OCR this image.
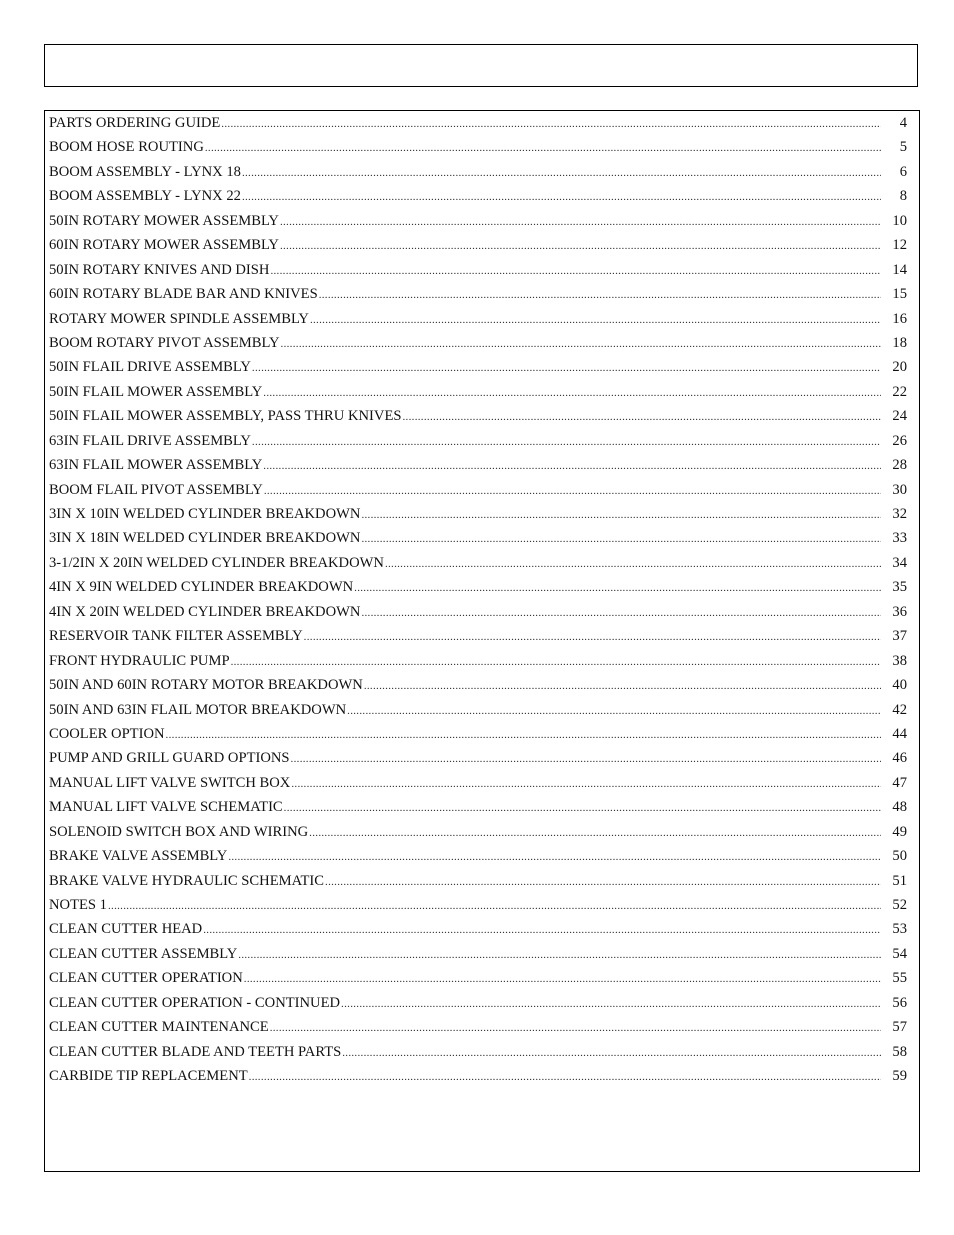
PARTS ORDERING GUIDE .....	4
BOOM HOSE ROUTING .....	5
BOOM ASSEMBLY - LYNX 18 .....	6
BOOM ASSEMBLY - LYNX 22 .....	8
50IN ROTARY MOWER ASSEMBLY .....	10
60IN ROTARY MOWER ASSEMBLY .....	12
50IN ROTARY KNIVES AND DISH .....	14
60IN ROTARY BLADE BAR AND KNIVES .....	15
ROTARY MOWER SPINDLE ASSEMBLY .....	16
BOOM ROTARY PIVOT ASSEMBLY .....	18
50IN FLAIL DRIVE ASSEMBLY .....	20
50IN FLAIL MOWER ASSEMBLY .....	22
50IN FLAIL MOWER ASSEMBLY, PASS THRU KNIVES .....	24
63IN FLAIL DRIVE ASSEMBLY .....	26
63IN FLAIL MOWER ASSEMBLY .....	28
BOOM FLAIL PIVOT ASSEMBLY .....	30
3IN X 10IN WELDED CYLINDER BREAKDOWN .....	32
3IN X 18IN WELDED CYLINDER BREAKDOWN .....	33
3-1/2IN X 20IN WELDED CYLINDER BREAKDOWN .....	34
4IN X 9IN WELDED CYLINDER BREAKDOWN .....	35
4IN X 20IN WELDED CYLINDER BREAKDOWN .....	36
RESERVOIR TANK FILTER ASSEMBLY .....	37
FRONT HYDRAULIC PUMP .....	38
50IN AND 60IN ROTARY MOTOR BREAKDOWN .....	40
50IN AND 63IN FLAIL MOTOR BREAKDOWN .....	42
COOLER OPTION .....	44
PUMP AND GRILL GUARD OPTIONS .....	46
MANUAL LIFT VALVE SWITCH BOX .....	47
MANUAL LIFT VALVE SCHEMATIC .....	48
SOLENOID SWITCH BOX AND WIRING .....	49
BRAKE VALVE ASSEMBLY .....	50
BRAKE VALVE HYDRAULIC SCHEMATIC .....	51
NOTES 1 .....	52
CLEAN CUTTER HEAD .....	53
CLEAN CUTTER ASSEMBLY .....	54
CLEAN CUTTER OPERATION .....	55
CLEAN CUTTER OPERATION - CONTINUED .....	56
CLEAN CUTTER MAINTENANCE .....	57
CLEAN CUTTER BLADE AND TEETH PARTS .....	58
CARBIDE TIP REPLACEMENT .....	59
